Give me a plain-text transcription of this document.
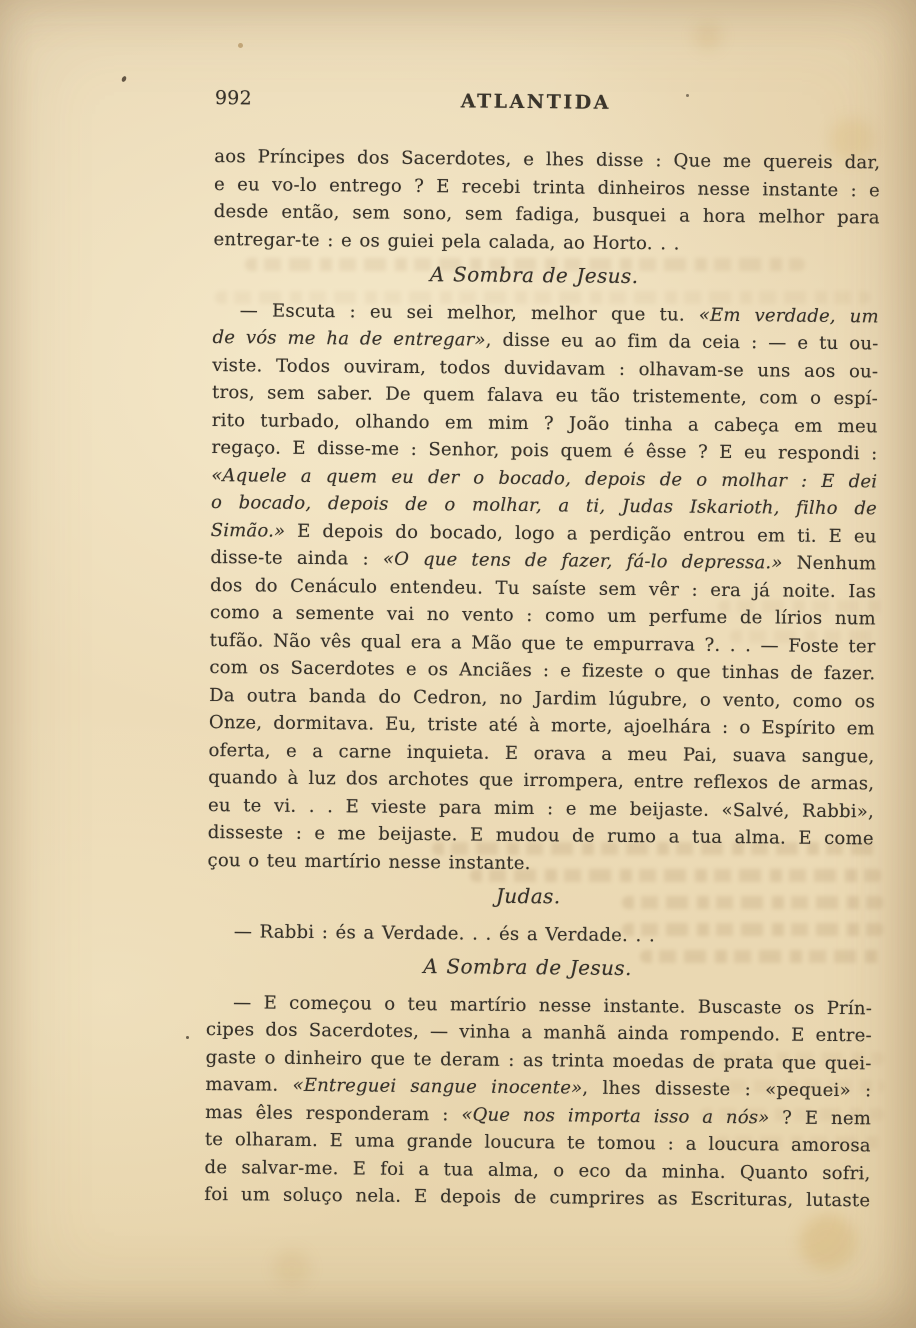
992	ATLANTIDA
aos Príncipes dos Sacerdotes, e lhes disse : Que me quereis dar,
e eu vo-lo entrego ? E recebi trinta dinheiros nesse instante : e
desde então, sem sono, sem fadiga, busquei a hora melhor para
entregar-te : e os guiei pela calada, ao Horto. . .
A Sombra de Jesus.
— Escuta : eu sei melhor, melhor que tu. «Em verdade, um
de vós me ha de entregar», disse eu ao fim da ceia : — e tu ou-
viste. Todos ouviram, todos duvidavam : olhavam-se uns aos ou-
tros, sem saber. De quem falava eu tão tristemente, com o espí-
rito turbado, olhando em mim ? João tinha a cabeça em meu
regaço. E disse-me : Senhor, pois quem é êsse ? E eu respondi :
«Aquele a quem eu der o bocado, depois de o molhar : E dei
o bocado, depois de o molhar, a ti, Judas Iskarioth, filho de
Simão.» E depois do bocado, logo a perdição entrou em ti. E eu
disse-te ainda : «O que tens de fazer, fá-lo depressa.» Nenhum
dos do Cenáculo entendeu. Tu saíste sem vêr : era já noite. Ias
como a semente vai no vento : como um perfume de lírios num
tufão. Não vês qual era a Mão que te empurrava ?. . . — Foste ter
com os Sacerdotes e os Anciães : e fizeste o que tinhas de fazer.
Da outra banda do Cedron, no Jardim lúgubre, o vento, como os
Onze, dormitava. Eu, triste até à morte, ajoelhára : o Espírito em
oferta, e a carne inquieta. E orava a meu Pai, suava sangue,
quando à luz dos archotes que irrompera, entre reflexos de armas,
eu te vi. . . E vieste para mim : e me beijaste. «Salvé, Rabbi»,
disseste : e me beijaste. E mudou de rumo a tua alma. E come
çou o teu martírio nesse instante.
Judas.
— Rabbi : és a Verdade. . . és a Verdade. . .
A Sombra de Jesus.
— E começou o teu martírio nesse instante. Buscaste os Prín-
cipes dos Sacerdotes, — vinha a manhã ainda rompendo. E entre-
gaste o dinheiro que te deram : as trinta moedas de prata que quei-
mavam. «Entreguei sangue inocente», lhes disseste : «pequei» :
mas êles responderam : «Que nos importa isso a nós» ? E nem
te olharam. E uma grande loucura te tomou : a loucura amorosa
de salvar-me. E foi a tua alma, o eco da minha. Quanto sofri,
foi um soluço nela. E depois de cumprires as Escrituras, lutaste
